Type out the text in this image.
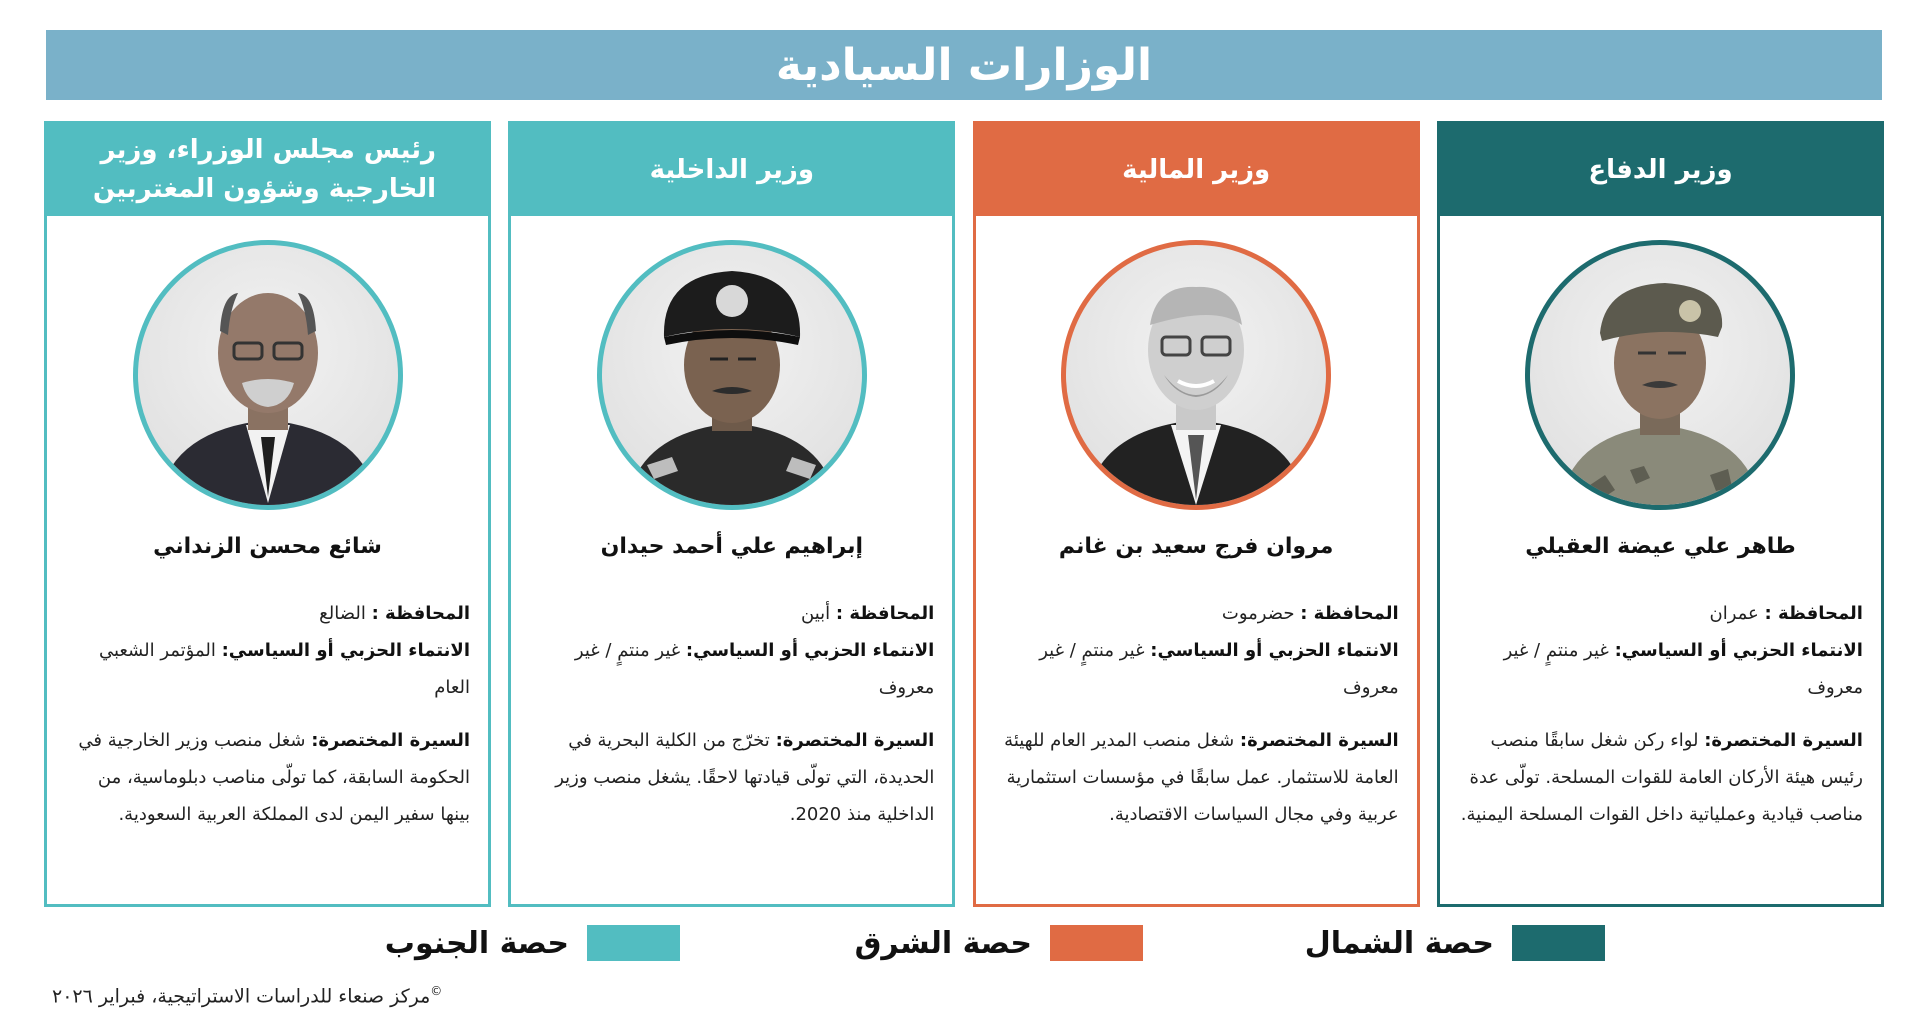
الوزارات السيادية
وزير الدفاع
طاهر علي عيضة العقيلي

المحافظة : عمران

الانتماء الحزبي أو السياسي: غير منتمٍ / غير معروف

السيرة المختصرة: لواء ركن شغل سابقًا منصب رئيس هيئة الأركان العامة للقوات المسلحة. تولّى عدة مناصب قيادية وعملياتية داخل القوات المسلحة اليمنية.

وزير المالية
مروان فرج سعيد بن غانم

المحافظة : حضرموت

الانتماء الحزبي أو السياسي: غير منتمٍ / غير معروف

السيرة المختصرة: شغل منصب المدير العام للهيئة العامة للاستثمار. عمل سابقًا في مؤسسات استثمارية عربية وفي مجال السياسات الاقتصادية.

وزير الداخلية
إبراهيم علي أحمد حيدان

المحافظة : أبين

الانتماء الحزبي أو السياسي: غير منتمٍ / غير معروف

السيرة المختصرة: تخرّج من الكلية البحرية في الحديدة، التي تولّى قيادتها لاحقًا. يشغل منصب وزير الداخلية منذ 2020.

رئيس مجلس الوزراء، وزير الخارجية وشؤون المغتربين
شائع محسن الزنداني

المحافظة : الضالع

الانتماء الحزبي أو السياسي: المؤتمر الشعبي العام

السيرة المختصرة: شغل منصب وزير الخارجية في الحكومة السابقة، كما تولّى مناصب دبلوماسية، من بينها سفير اليمن لدى المملكة العربية السعودية.

حصة الشمال
حصة الشرق
حصة الجنوب
©مركز صنعاء للدراسات الاستراتيجية، فبراير ٢٠٢٦
